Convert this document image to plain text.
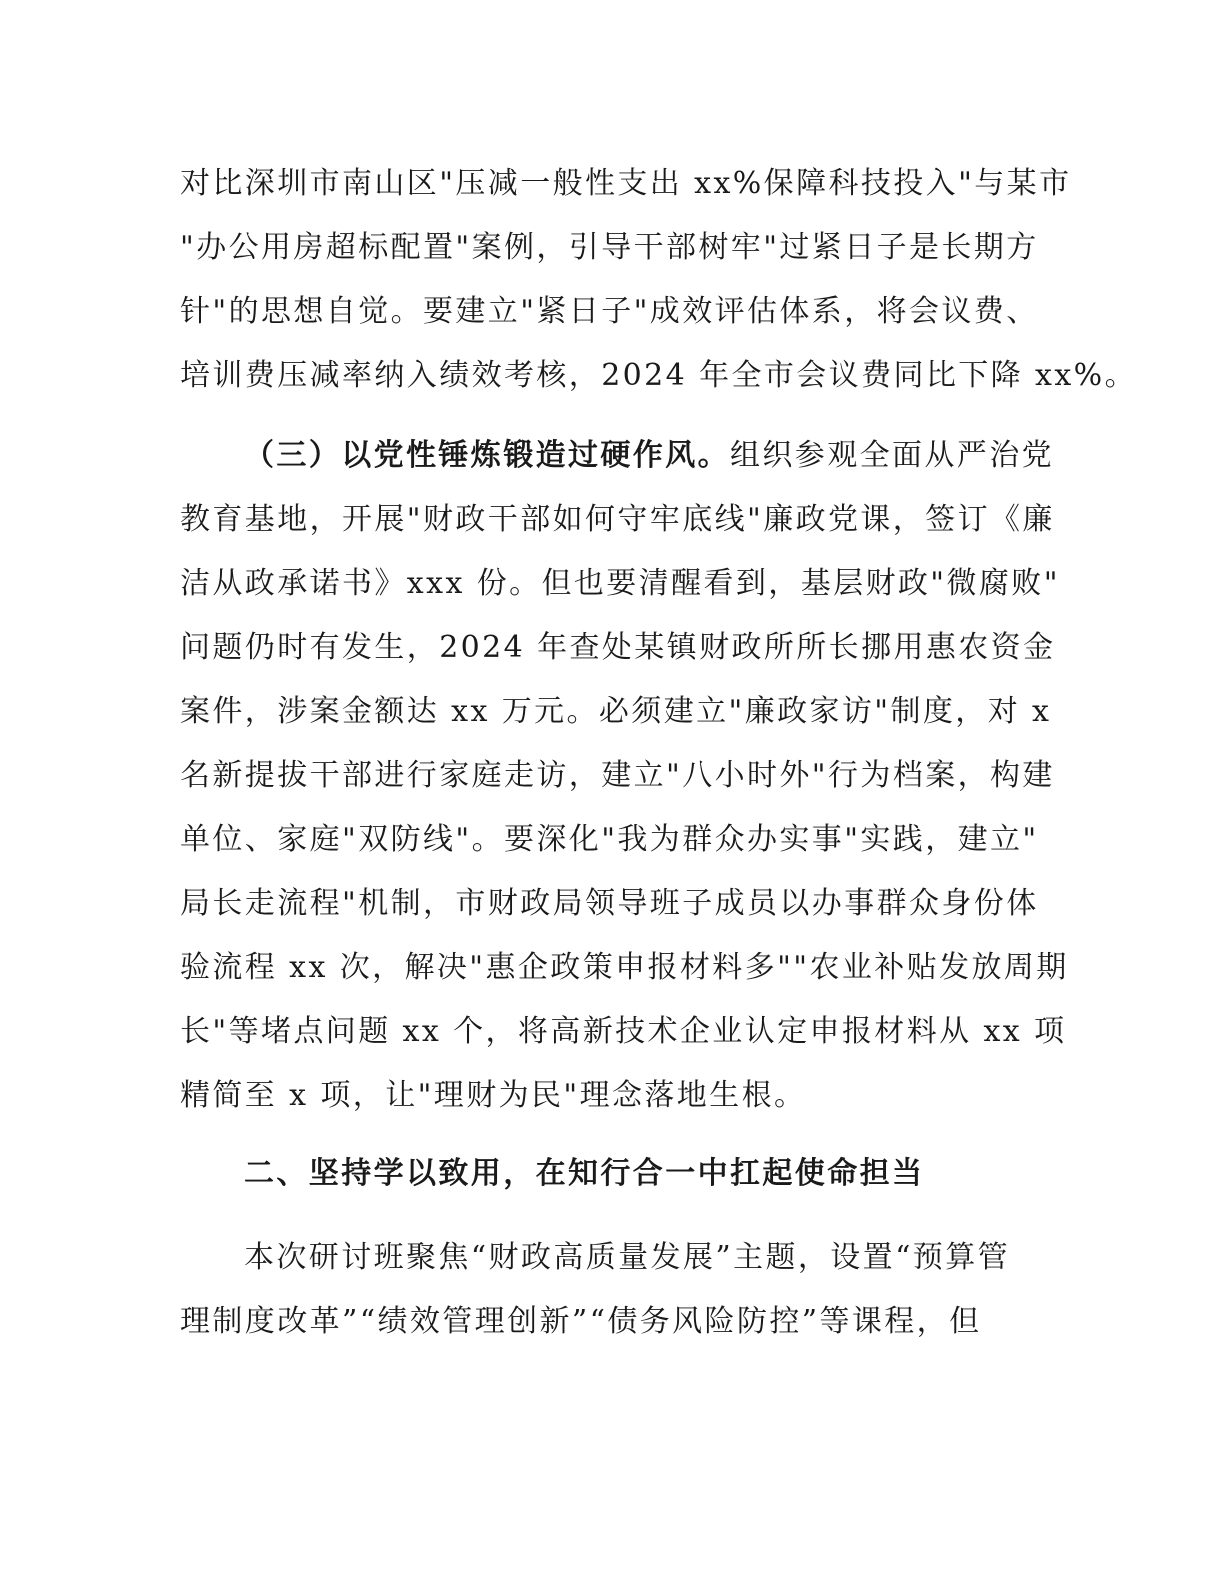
对比深圳市南山区"压减一般性支出 xx%保障科技投入"与某市
"办公用房超标配置"案例，引导干部树牢"过紧日子是长期方
针"的思想自觉。要建立"紧日子"成效评估体系，将会议费、
培训费压减率纳入绩效考核，2024 年全市会议费同比下降 xx%。
（三）以党性锤炼锻造过硬作风。组织参观全面从严治党
教育基地，开展"财政干部如何守牢底线"廉政党课，签订《廉
洁从政承诺书》xxx 份。但也要清醒看到，基层财政"微腐败"
问题仍时有发生，2024 年查处某镇财政所所长挪用惠农资金
案件，涉案金额达 xx 万元。必须建立"廉政家访"制度，对 x
名新提拔干部进行家庭走访，建立"八小时外"行为档案，构建
单位、家庭"双防线"。要深化"我为群众办实事"实践，建立"
局长走流程"机制，市财政局领导班子成员以办事群众身份体
验流程 xx 次，解决"惠企政策申报材料多""农业补贴发放周期
长"等堵点问题 xx 个，将高新技术企业认定申报材料从 xx 项
精简至 x 项，让"理财为民"理念落地生根。
二、坚持学以致用，在知行合一中扛起使命担当
本次研讨班聚焦“财政高质量发展”主题，设置“预算管
理制度改革”“绩效管理创新”“债务风险防控”等课程，但
